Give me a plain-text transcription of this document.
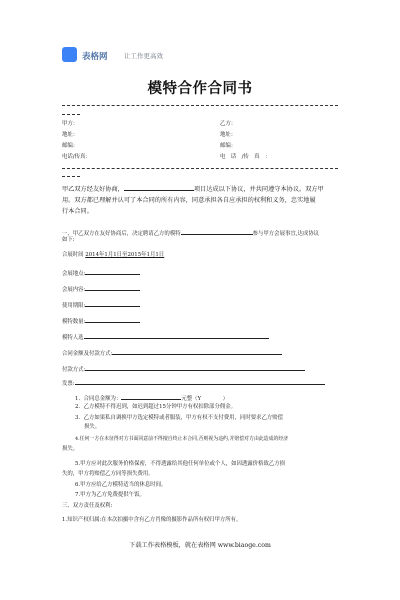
表格网	让工作更高效
模特合作合同书
甲方：	乙方：
地址：	地址：
邮编：	邮编：
电话/传真：	电　话　/传　真　：
甲乙双方经友好协商，	项目达成以下协议，并共同遵守本协议。双方甲
用。双方都已理解并认可了本合同的所有内容，同意承担各自应承担的权利和义务，忠实地履
行本合同。
一、甲乙双方在友好协商后，决定聘请乙方的模特	参与甲方会展事宜,达成协议
如下:
合展时间 2014年1月1日至2015年1月1日
会展地点:
会展内容:
使用期限:
模特数量:
模特人选
合同金额及付款方式:
付款方式:
发票:
1. 合同总金额为：	元整（Y　　　　）
2. 乙方模特不得迟到，如迟到超过15分钟甲方有权扣除部分佣金。
3. 乙方如果私自调换甲方选定模特或者服装，甲方有权不支付费用，同时要求乙方赔偿
损失。
4.任何一方在未征得对方书面同意前不得擅自终止本合同,否则视为违约,并赔偿对方由此造成的经济
损失。
5.甲方应对此次服务价格保密，不得透露给其他任何单位或个人，如因透露价格致乙方损
失的，甲方将赔偿乙方同等损失费用。
6.甲方应给乙方模特适当的休息时间。
7.甲方为乙方免费提供午饭。
三、双方责任及权利:
1.知识产权归属:在本次拍摄中含有乙方肖像的摄影作品所有权归甲方所有。
下载工作表格模板，就在表格网 www.biaoge.com
